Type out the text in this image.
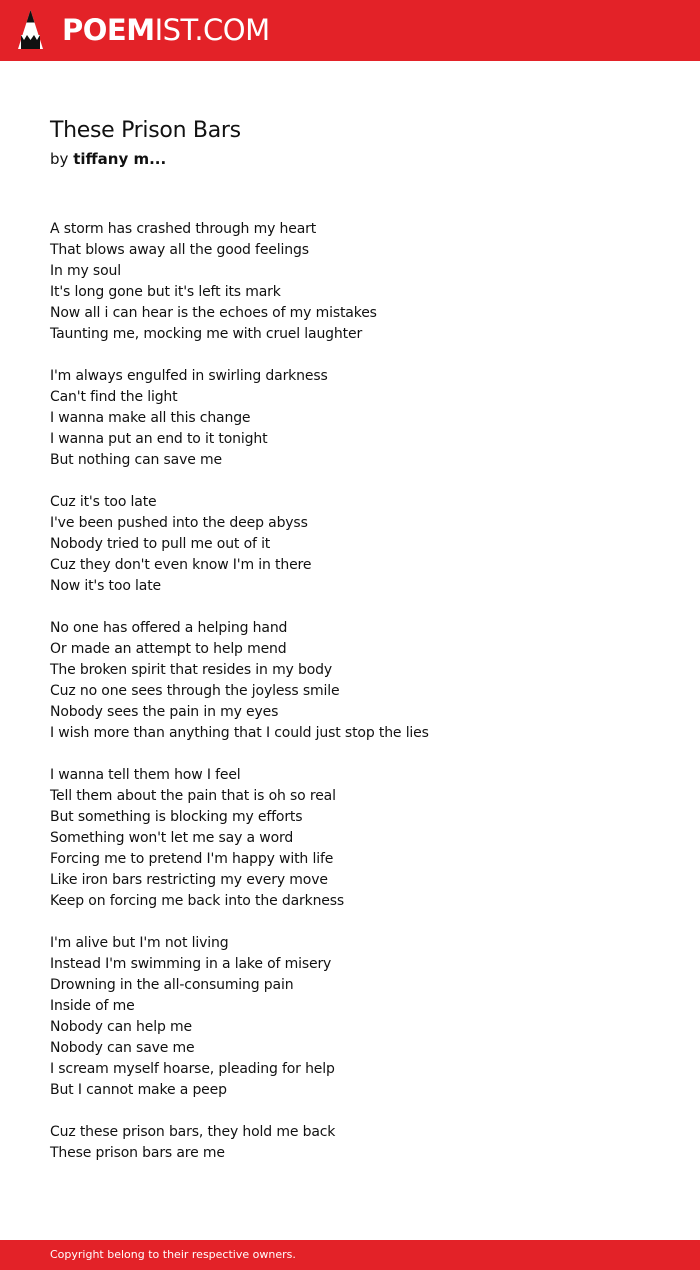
POEMIST.COM
These Prison Bars
by tiffany m...

A storm has crashed through my heart
That blows away all the good feelings
In my soul
It's long gone but it's left its mark
Now all i can hear is the echoes of my mistakes
Taunting me, mocking me with cruel laughter

I'm always engulfed in swirling darkness
Can't find the light
I wanna make all this change
I wanna put an end to it tonight
But nothing can save me

Cuz it's too late
I've been pushed into the deep abyss
Nobody tried to pull me out of it
Cuz they don't even know I'm in there
Now it's too late

No one has offered a helping hand
Or made an attempt to help mend
The broken spirit that resides in my body
Cuz no one sees through the joyless smile
Nobody sees the pain in my eyes
I wish more than anything that I could just stop the lies

I wanna tell them how I feel
Tell them about the pain that is oh so real
But something is blocking my efforts
Something won't let me say a word
Forcing me to pretend I'm happy with life
Like iron bars restricting my every move
Keep on forcing me back into the darkness

I'm alive but I'm not living
Instead I'm swimming in a lake of misery
Drowning in the all-consuming pain
Inside of me
Nobody can help me
Nobody can save me
I scream myself hoarse, pleading for help
But I cannot make a peep

Cuz these prison bars, they hold me back
These prison bars are me

Copyright belong to their respective owners.
